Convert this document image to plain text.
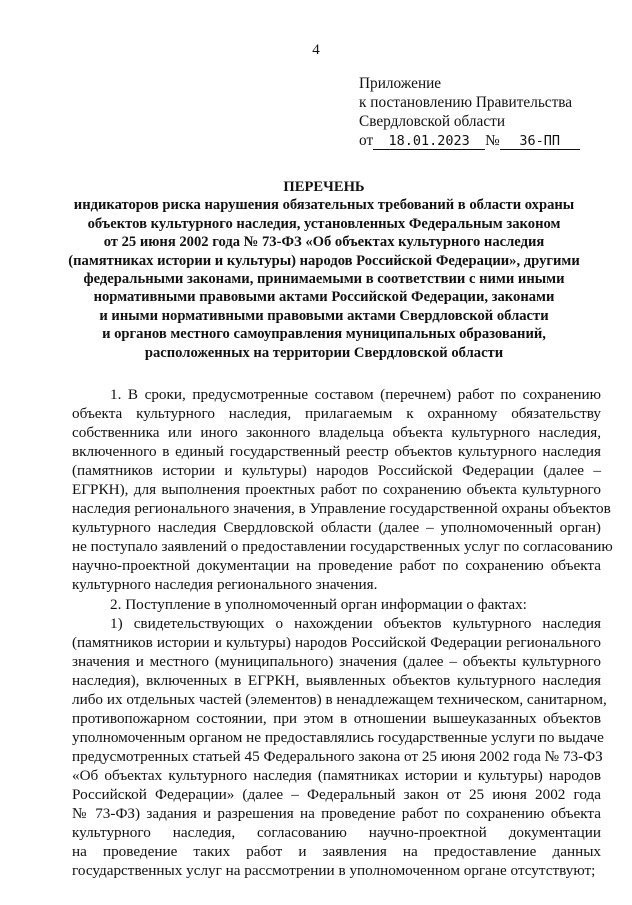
4
Приложение
к постановлению Правительства
Свердловской области
от 18.01.2023 № 36-ПП
ПЕРЕЧЕНЬ
индикаторов риска нарушения обязательных требований в области охраны
объектов культурного наследия, установленных Федеральным законом
от 25 июня 2002 года № 73-ФЗ «Об объектах культурного наследия
(памятниках истории и культуры) народов Российской Федерации», другими
федеральными законами, принимаемыми в соответствии с ними иными
нормативными правовыми актами Российской Федерации, законами
и иными нормативными правовыми актами Свердловской области
и органов местного самоуправления муниципальных образований,
расположенных на территории Свердловской области
1. В сроки, предусмотренные составом (перечнем) работ по сохранению
объекта культурного наследия, прилагаемым к охранному обязательству
собственника или иного законного владельца объекта культурного наследия,
включенного в единый государственный реестр объектов культурного наследия
(памятников истории и культуры) народов Российской Федерации (далее –
ЕГРКН), для выполнения проектных работ по сохранению объекта культурного
наследия регионального значения, в Управление государственной охраны объектов
культурного наследия Свердловской области (далее – уполномоченный орган)
не поступало заявлений о предоставлении государственных услуг по согласованию
научно-проектной документации на проведение работ по сохранению объекта
культурного наследия регионального значения.
2. Поступление в уполномоченный орган информации о фактах:
1) свидетельствующих о нахождении объектов культурного наследия
(памятников истории и культуры) народов Российской Федерации регионального
значения и местного (муниципального) значения (далее – объекты культурного
наследия), включенных в ЕГРКН, выявленных объектов культурного наследия
либо их отдельных частей (элементов) в ненадлежащем техническом, санитарном,
противопожарном состоянии, при этом в отношении вышеуказанных объектов
уполномоченным органом не предоставлялись государственные услуги по выдаче
предусмотренных статьей 45 Федерального закона от 25 июня 2002 года № 73-ФЗ
«Об объектах культурного наследия (памятниках истории и культуры) народов
Российской Федерации» (далее – Федеральный закон от 25 июня 2002 года
№ 73-ФЗ) задания и разрешения на проведение работ по сохранению объекта
культурного наследия, согласованию научно-проектной документации
на проведение таких работ и заявления на предоставление данных
государственных услуг на рассмотрении в уполномоченном органе отсутствуют;
